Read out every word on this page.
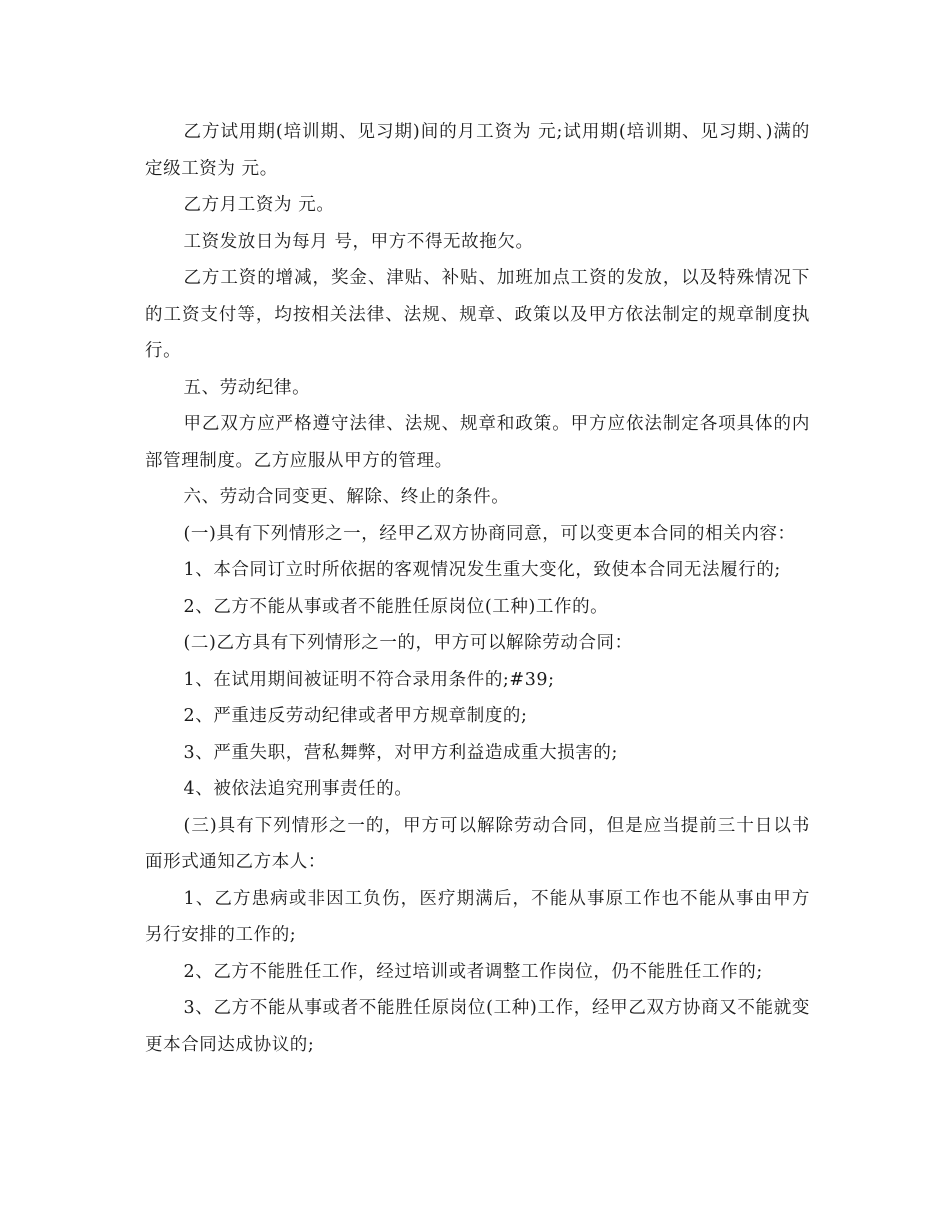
乙方试用期(培训期、见习期)间的月工资为 元;试用期(培训期、见习期、)满的定级工资为 元。

乙方月工资为 元。

工资发放日为每月 号，甲方不得无故拖欠。

乙方工资的增减，奖金、津贴、补贴、加班加点工资的发放，以及特殊情况下的工资支付等，均按相关法律、法规、规章、政策以及甲方依法制定的规章制度执行。

五、劳动纪律。

甲乙双方应严格遵守法律、法规、规章和政策。甲方应依法制定各项具体的内部管理制度。乙方应服从甲方的管理。

六、劳动合同变更、解除、终止的条件。

(一)具有下列情形之一，经甲乙双方协商同意，可以变更本合同的相关内容：

1、本合同订立时所依据的客观情况发生重大变化，致使本合同无法履行的;

2、乙方不能从事或者不能胜任原岗位(工种)工作的。

(二)乙方具有下列情形之一的，甲方可以解除劳动合同：

1、在试用期间被证明不符合录用条件的;#39;

2、严重违反劳动纪律或者甲方规章制度的;

3、严重失职，营私舞弊，对甲方利益造成重大损害的;

4、被依法追究刑事责任的。

(三)具有下列情形之一的，甲方可以解除劳动合同，但是应当提前三十日以书面形式通知乙方本人：

1、乙方患病或非因工负伤，医疗期满后，不能从事原工作也不能从事由甲方另行安排的工作的;

2、乙方不能胜任工作，经过培训或者调整工作岗位，仍不能胜任工作的;

3、乙方不能从事或者不能胜任原岗位(工种)工作，经甲乙双方协商又不能就变更本合同达成协议的;
